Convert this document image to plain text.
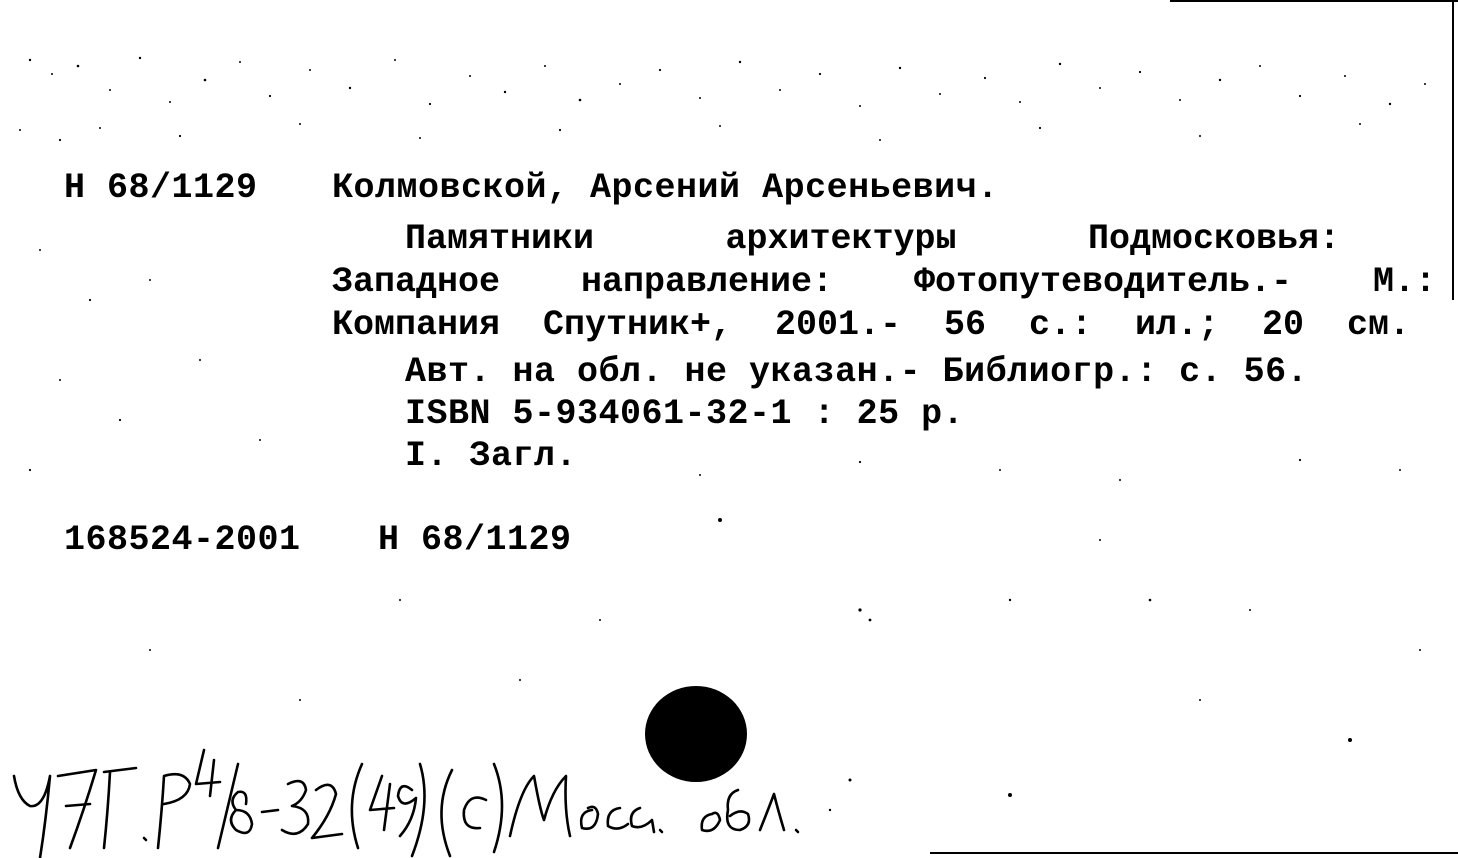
Н 68/1129 Колмовской, Арсений Арсеньевич.
Памятники	архитектуры	Подмосковья:
Западное направление: Фотопутеводитель.- М.:
Компания Спутник+, 2001.- 56 с.: ил.; 20 см.
Авт. на обл. не указан.- Библиогр.: с. 56.
ISBN 5-934061-32-1 : 25 р.
I. Загл.
168524-2001 Н 68/1129
